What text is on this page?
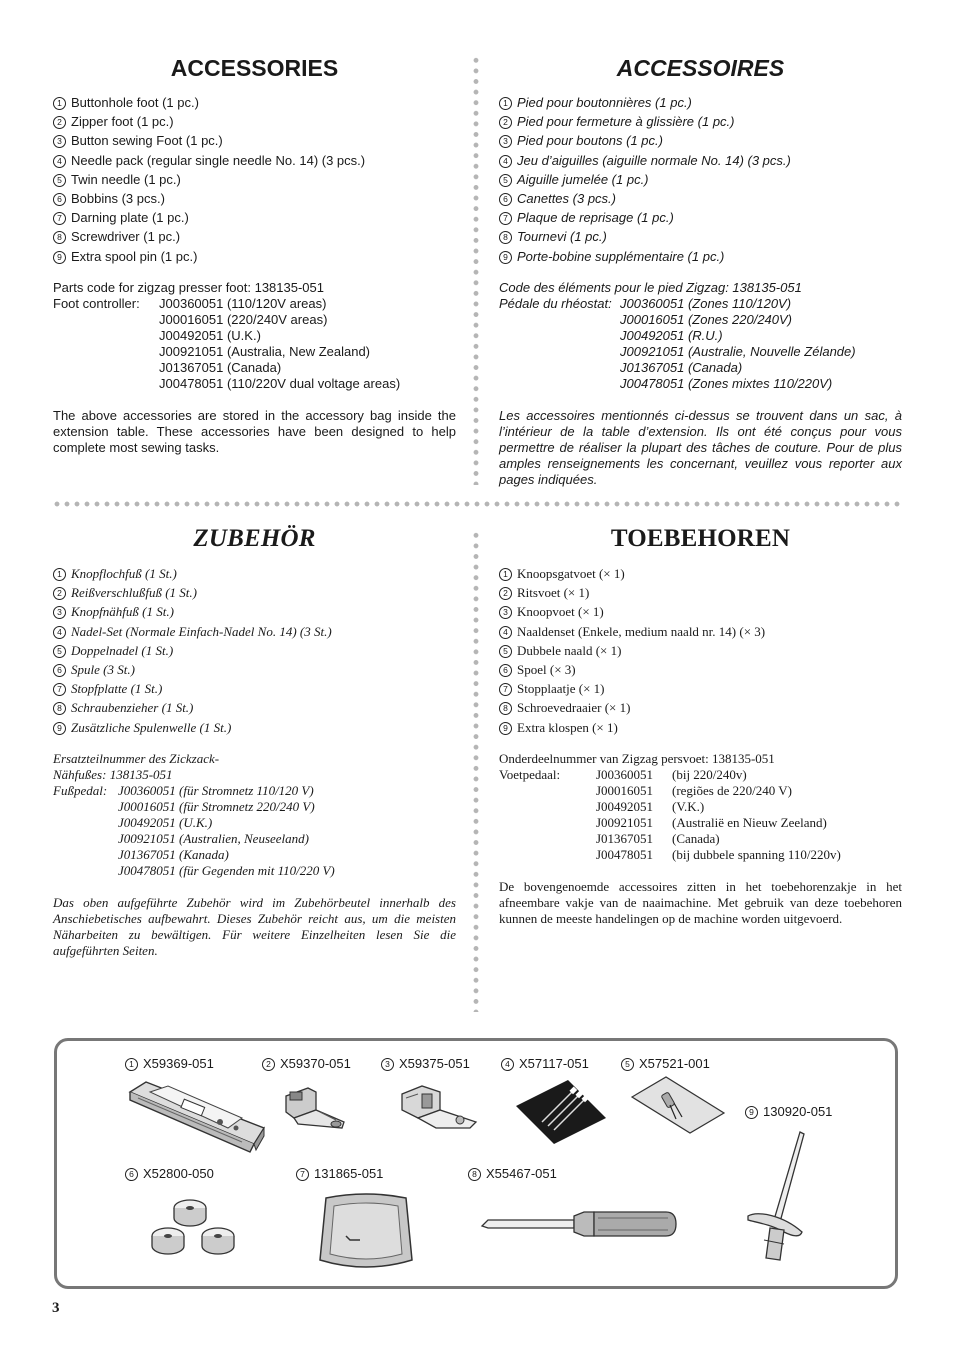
ACCESSORIES
1 Buttonhole foot (1 pc.)
2 Zipper foot (1 pc.)
3 Button sewing Foot (1 pc.)
4 Needle pack (regular single needle No. 14) (3 pcs.)
5 Twin needle (1 pc.)
6 Bobbins (3 pcs.)
7 Darning plate (1 pc.)
8 Screwdriver (1 pc.)
9 Extra spool pin (1 pc.)
Parts code for zigzag presser foot: 138135-051
Foot controller: J00360051 (110/120V areas)
J00016051 (220/240V areas)
J00492051 (U.K.)
J00921051 (Australia, New Zealand)
J01367051 (Canada)
J00478051 (110/220V dual voltage areas)

The above accessories are stored in the accessory bag inside the extension table. These accessories have been designed to help complete most sewing tasks.

ACCESSOIRES
1 Pied pour boutonnières (1 pc.)
2 Pied pour fermeture à glissière (1 pc.)
3 Pied pour boutons (1 pc.)
4 Jeu d’aiguilles (aiguille normale No. 14) (3 pcs.)
5 Aiguille jumelée (1 pc.)
6 Canettes (3 pcs.)
7 Plaque de reprisage (1 pc.)
8 Tournevi (1 pc.)
9 Porte-bobine supplémentaire (1 pc.)
Code des éléments pour le pied Zigzag: 138135-051
Pédale du rhéostat: J00360051 (Zones 110/120V)
J00016051 (Zones 220/240V)
J00492051 (R.U.)
J00921051 (Australie, Nouvelle Zélande)
J01367051 (Canada)
J00478051 (Zones mixtes 110/220V)

Les accessoires mentionnés ci-dessus se trouvent dans un sac, à l’intérieur de la table d’extension. Ils ont été conçus pour vous permettre de réaliser la plupart des tâches de couture. Pour de plus amples renseignements les concernant, veuillez vous reporter aux pages indiquées.

ZUBEHÖR
1 Knopflochfuß (1 St.)
2 Reißverschlußfuß (1 St.)
3 Knopfnähfuß (1 St.)
4 Nadel-Set (Normale Einfach-Nadel No. 14) (3 St.)
5 Doppelnadel (1 St.)
6 Spule (3 St.)
7 Stopfplatte (1 St.)
8 Schraubenzieher (1 St.)
9 Zusätzliche Spulenwelle (1 St.)
Ersatzteilnummer des Zickzack-
Nähfußes: 138135-051
Fußpedal: J00360051 (für Stromnetz 110/120 V)
J00016051 (für Stromnetz 220/240 V)
J00492051 (U.K.)
J00921051 (Australien, Neuseeland)
J01367051 (Kanada)
J00478051 (für Gegenden mit 110/220 V)

Das oben aufgeführte Zubehör wird im Zubehörbeutel innerhalb des Anschiebetisches aufbewahrt. Dieses Zubehör reicht aus, um die meisten Näharbeiten zu bewältigen. Für weitere Einzelheiten lesen Sie die aufgeführten Seiten.

TOEBEHOREN
1 Knoopsgatvoet (× 1)
2 Ritsvoet (× 1)
3 Knoopvoet (× 1)
4 Naaldenset (Enkele, medium naald nr. 14) (× 3)
5 Dubbele naald (× 1)
6 Spoel (× 3)
7 Stopplaatje (× 1)
8 Schroevedraaier (× 1)
9 Extra klospen (× 1)
Onderdeelnummer van Zigzag persvoet: 138135-051
Voetpedaal:	J00360051 (bij 220/240v)
J00016051 (regiões de 220/240 V)
J00492051 (V.K.)
J00921051 (Australië en Nieuw Zeeland)
J01367051 (Canada)
J00478051 (bij dubbele spanning 110/220v)

De bovengenoemde accessoires zitten in het toebehorenzakje in het afneembare vakje van de naaimachine. Met gebruik van deze toebehoren kunnen de meeste handelingen op de machine worden uitgevoerd.

1 X59369-051	2 X59370-051	3 X59375-051	4 X57117-051	5 X57521-001
6 X52800-050	7 131865-051	8 X55467-051
9 130920-051
3
